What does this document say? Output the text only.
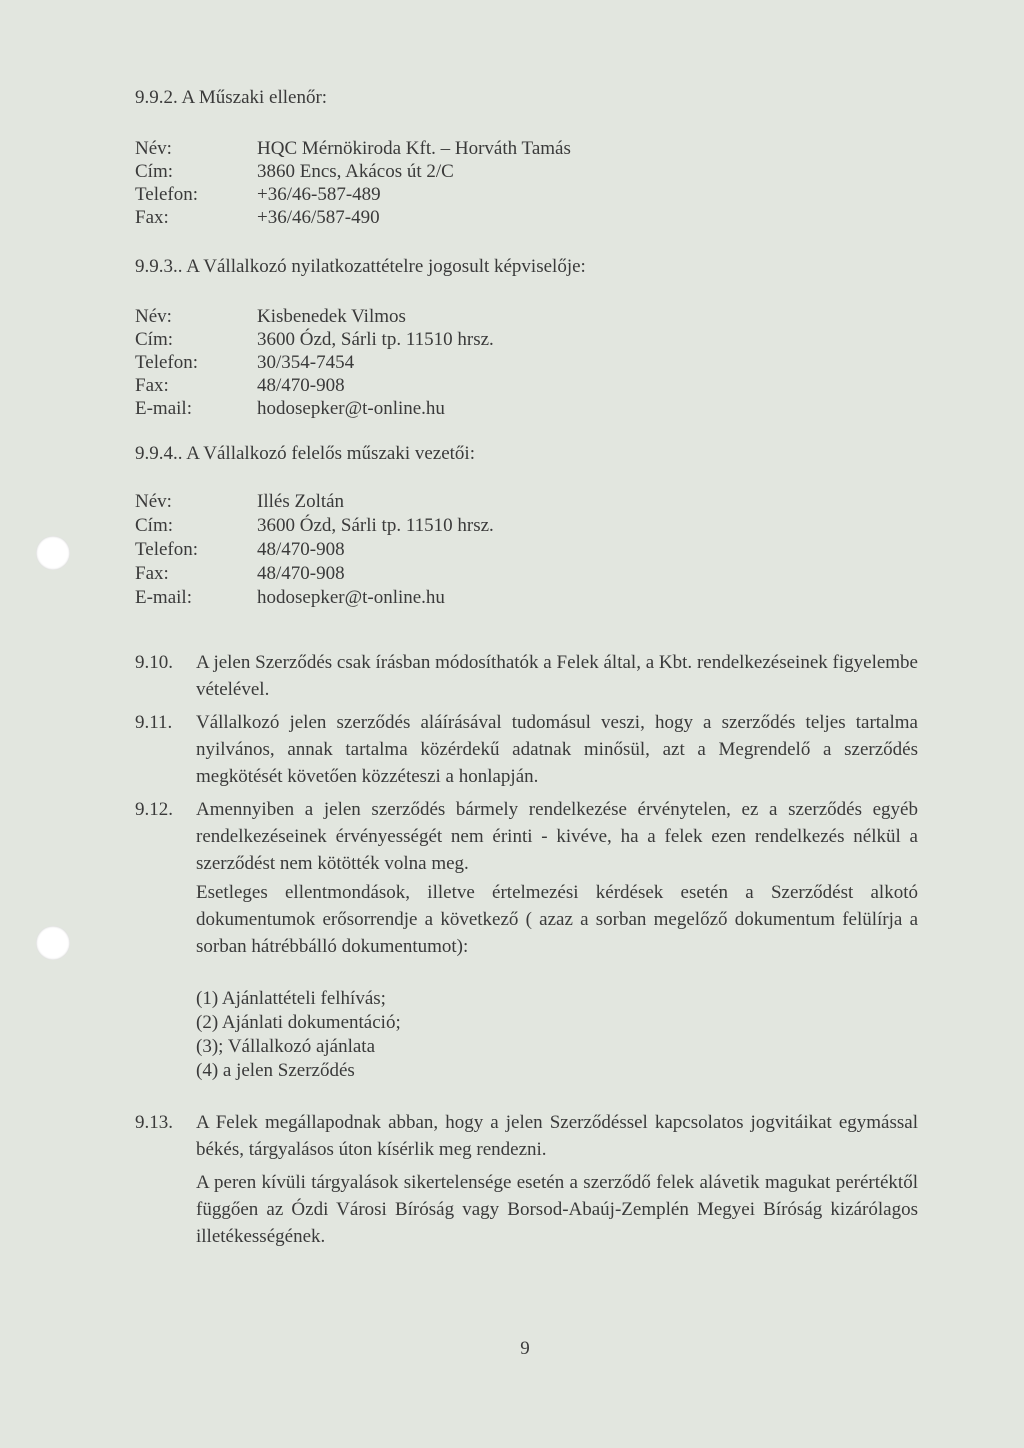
9.9.2. A Műszaki ellenőr:
Név:	HQC Mérnökiroda Kft. – Horváth Tamás
Cím:	3860 Encs, Akácos út 2/C
Telefon:	+36/46-587-489
Fax:	+36/46/587-490
9.9.3.. A Vállalkozó nyilatkozattételre jogosult képviselője:
Név:	Kisbenedek Vilmos
Cím:	3600 Ózd, Sárli tp. 11510 hrsz.
Telefon:	30/354-7454
Fax:	48/470-908
E-mail:	hodosepker@t-online.hu
9.9.4.. A Vállalkozó felelős műszaki vezetői:
Név:	Illés Zoltán
Cím:	3600 Ózd, Sárli tp. 11510 hrsz.
Telefon:	48/470-908
Fax:	48/470-908
E-mail:	hodosepker@t-online.hu
9.10. A jelen Szerződés csak írásban módosíthatók a Felek által, a Kbt. rendelkezéseinek figyelembe vételével.
9.11. Vállalkozó jelen szerződés aláírásával tudomásul veszi, hogy a szerződés teljes tartalma nyilvános, annak tartalma közérdekű adatnak minősül, azt a Megrendelő a szerződés megkötését követően közzéteszi a honlapján.
9.12. Amennyiben a jelen szerződés bármely rendelkezése érvénytelen, ez a szerződés egyéb rendelkezéseinek érvényességét nem érinti - kivéve, ha a felek ezen rendelkezés nélkül a szerződést nem kötötték volna meg.
Esetleges ellentmondások, illetve értelmezési kérdések esetén a Szerződést alkotó dokumentumok erősorrendje a következő ( azaz a sorban megelőző dokumentum felülírja a sorban hátrébbálló dokumentumot):
(1) Ajánlattételi felhívás;
(2) Ajánlati dokumentáció;
(3); Vállalkozó ajánlata
(4) a jelen Szerződés
9.13. A Felek megállapodnak abban, hogy a jelen Szerződéssel kapcsolatos jogvitáikat egymással békés, tárgyalásos úton kísérlik meg rendezni.
A peren kívüli tárgyalások sikertelensége esetén a szerződő felek alávetik magukat perértéktől függően az Ózdi Városi Bíróság vagy Borsod-Abaúj-Zemplén Megyei Bíróság kizárólagos illetékességének.
9
